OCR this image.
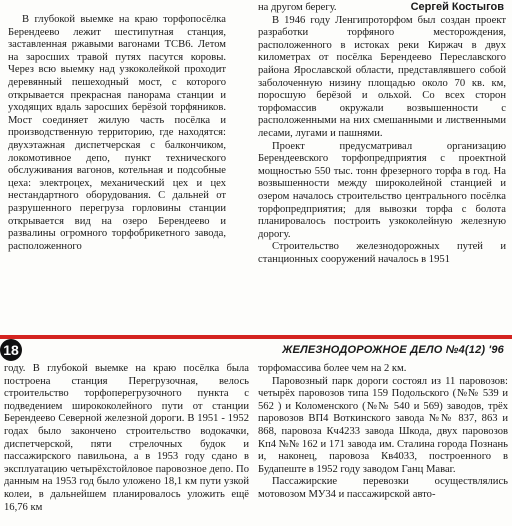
Сергей Костыгов

В глубокой выемке на краю торфопосёлка Берендеево лежит шестипутная станция, заставленная ржавыми вагонами ТСВ6. Летом на заросших травой путях пасутся коровы. Через всю выемку над узкоколейкой проходит деревянный пешеходный мост, с которого открывается прекрасная панорама станции и уходящих вдаль заросших берёзой торфяников. Мост соединяет жилую часть посёлка и производственную территорию, где находятся: двухэтажная диспетчерская с балкончиком, локомотивное депо, пункт технического обслуживания вагонов, котельная и подсобные цеха: электроцех, механический цех и цех нестандартного оборудования. С дальней от разрушенного перегруза горловины станции открывается вид на озеро Берендеево и развалины огромного торфобрикетного завода, расположенного

на другом берегу.

В 1946 году Ленгипроторфом был создан проект разработки торфяного месторождения, расположенного в истоках реки Киржач в двух километрах от посёлка Берендеево Переславского района Ярославской области, представлявшего собой заболоченную низину площадью около 70 кв. км, поросшую берёзой и ольхой. Со всех сторон торфомассив окружали возвышенности с расположенными на них смешанными и лиственными лесами, лугами и пашнями.

Проект предусматривал организацию Берендеевского торфопредприятия с проектной мощностью 550 тыс. тонн фрезерного торфа в год. На возвышенности между широколейной станцией и озером началось строительство центрального посёлка торфопредприятия; для вывозки торфа с болота планировалось построить узкоколейную железную дорогу.

Строительство железнодорожных путей и станционных сооружений началось в 1951

18	ЖЕЛЕЗНОДОРОЖНОЕ ДЕЛО №4(12) '96

году. В глубокой выемке на краю посёлка была построена станция Перегрузочная, велось строительство торфоперегрузочного пункта с подведением ширококолейного пути от станции Берендеево Северной железной дороги. В 1951 - 1952 годах было закончено строительство водокачки, диспетчерской, пяти стрелочных будок и пассажирского павильона, а в 1953 году сдано в эксплуатацию четырёхстойловое паровозное депо. По данным на 1953 год было уложено 18,1 км пути узкой колеи, в дальнейшем планировалось уложить ещё 16,76 км

торфомассива более чем на 2 км.

Паровозный парк дороги состоял из 11 паровозов: четырёх паровозов типа 159 Подольского (№№ 539 и 562 ) и Коломенского (№№ 540 и 569) заводов, трёх паровозов ВП4 Воткинского завода №№ 837, 863 и 868, паровоза Кч4233 завода Шкода, двух паровозов Кп4 №№ 162 и 171 завода им. Сталина города Познань и, наконец, паровоза Кв4033, построенного в Будапеште в 1952 году заводом Ганц Маваг.

Пассажирские перевозки осуществлялись мотовозом МУ34 и пассажирской авто-
